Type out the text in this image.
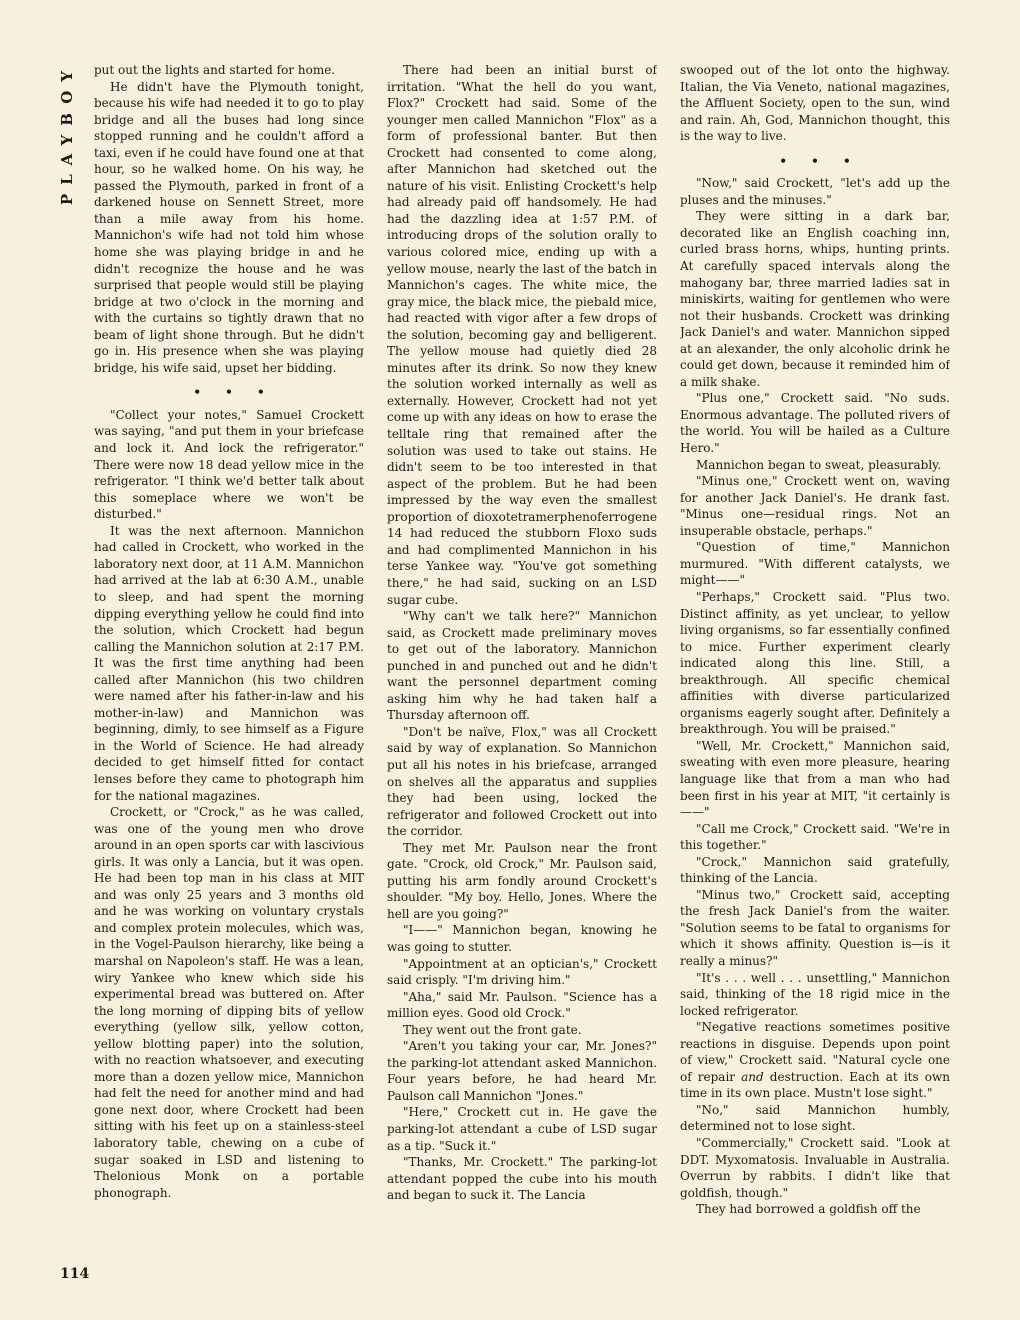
PLAYBOY put out the lights and started for home.

He didn't have the Plymouth tonight, because his wife had needed it to go to play bridge and all the buses had long since stopped running and he couldn't afford a taxi, even if he could have found one at that hour, so he walked home. On his way, he passed the Plymouth, parked in front of a darkened house on Sennett Street, more than a mile away from his home. Mannichon's wife had not told him whose home she was playing bridge in and he didn't recognize the house and he was surprised that people would still be playing bridge at two o'clock in the morning and with the curtains so tightly drawn that no beam of light shone through. But he didn't go in. His presence when she was playing bridge, his wife said, upset her bidding.

• • •

"Collect your notes," Samuel Crockett was saying, "and put them in your briefcase and lock it. And lock the refrigerator." There were now 18 dead yellow mice in the refrigerator. "I think we'd better talk about this someplace where we won't be disturbed."

It was the next afternoon. Mannichon had called in Crockett, who worked in the laboratory next door, at 11 A.M. Mannichon had arrived at the lab at 6:30 A.M., unable to sleep, and had spent the morning dipping everything yellow he could find into the solution, which Crockett had begun calling the Mannichon solution at 2:17 P.M. It was the first time anything had been called after Mannichon (his two children were named after his father-in-law and his mother-in-law) and Mannichon was beginning, dimly, to see himself as a Figure in the World of Science. He had already decided to get himself fitted for contact lenses before they came to photograph him for the national magazines.

Crockett, or "Crock," as he was called, was one of the young men who drove around in an open sports car with lascivious girls. It was only a Lancia, but it was open. He had been top man in his class at MIT and was only 25 years and 3 months old and he was working on voluntary crystals and complex protein molecules, which was, in the Vogel-Paulson hierarchy, like being a marshal on Napoleon's staff. He was a lean, wiry Yankee who knew which side his experimental bread was buttered on. After the long morning of dipping bits of yellow everything (yellow silk, yellow cotton, yellow blotting paper) into the solution, with no reaction whatsoever, and executing more than a dozen yellow mice, Mannichon had felt the need for another mind and had gone next door, where Crockett had been sitting with his feet up on a stainless-steel laboratory table, chewing on a cube of sugar soaked in LSD and listening to Thelonious Monk on a portable phonograph.

There had been an initial burst of irritation. "What the hell do you want, Flox?" Crockett had said. Some of the younger men called Mannichon "Flox" as a form of professional banter. But then Crockett had consented to come along, after Mannichon had sketched out the nature of his visit. Enlisting Crockett's help had already paid off handsomely. He had had the dazzling idea at 1:57 P.M. of introducing drops of the solution orally to various colored mice, ending up with a yellow mouse, nearly the last of the batch in Mannichon's cages. The white mice, the gray mice, the black mice, the piebald mice, had reacted with vigor after a few drops of the solution, becoming gay and belligerent. The yellow mouse had quietly died 28 minutes after its drink. So now they knew the solution worked internally as well as externally. However, Crockett had not yet come up with any ideas on how to erase the telltale ring that remained after the solution was used to take out stains. He didn't seem to be too interested in that aspect of the problem. But he had been impressed by the way even the smallest proportion of dioxotetramerphenoferrogene 14 had reduced the stubborn Floxo suds and had complimented Mannichon in his terse Yankee way. "You've got something there," he had said, sucking on an LSD sugar cube.

"Why can't we talk here?" Mannichon said, as Crockett made preliminary moves to get out of the laboratory. Mannichon punched in and punched out and he didn't want the personnel department coming asking him why he had taken half a Thursday afternoon off.

"Don't be naïve, Flox," was all Crockett said by way of explanation. So Mannichon put all his notes in his briefcase, arranged on shelves all the apparatus and supplies they had been using, locked the refrigerator and followed Crockett out into the corridor.

They met Mr. Paulson near the front gate. "Crock, old Crock," Mr. Paulson said, putting his arm fondly around Crockett's shoulder. "My boy. Hello, Jones. Where the hell are you going?"

"I——" Mannichon began, knowing he was going to stutter.

"Appointment at an optician's," Crockett said crisply. "I'm driving him."

"Aha," said Mr. Paulson. "Science has a million eyes. Good old Crock."

They went out the front gate.

"Aren't you taking your car, Mr. Jones?" the parking-lot attendant asked Mannichon. Four years before, he had heard Mr. Paulson call Mannichon "Jones."

"Here," Crockett cut in. He gave the parking-lot attendant a cube of LSD sugar as a tip. "Suck it."

"Thanks, Mr. Crockett." The parking-lot attendant popped the cube into his mouth and began to suck it. The Lancia

swooped out of the lot onto the highway. Italian, the Via Veneto, national magazines, the Affluent Society, open to the sun, wind and rain. Ah, God, Mannichon thought, this is the way to live.

• • •

"Now," said Crockett, "let's add up the pluses and the minuses."

They were sitting in a dark bar, decorated like an English coaching inn, curled brass horns, whips, hunting prints. At carefully spaced intervals along the mahogany bar, three married ladies sat in miniskirts, waiting for gentlemen who were not their husbands. Crockett was drinking Jack Daniel's and water. Mannichon sipped at an alexander, the only alcoholic drink he could get down, because it reminded him of a milk shake.

"Plus one," Crockett said. "No suds. Enormous advantage. The polluted rivers of the world. You will be hailed as a Culture Hero."

Mannichon began to sweat, pleasurably.

"Minus one," Crockett went on, waving for another Jack Daniel's. He drank fast. "Minus one—residual rings. Not an insuperable obstacle, perhaps."

"Question of time," Mannichon murmured. "With different catalysts, we might——"

"Perhaps," Crockett said. "Plus two. Distinct affinity, as yet unclear, to yellow living organisms, so far essentially confined to mice. Further experiment clearly indicated along this line. Still, a breakthrough. All specific chemical affinities with diverse particularized organisms eagerly sought after. Definitely a breakthrough. You will be praised."

"Well, Mr. Crockett," Mannichon said, sweating with even more pleasure, hearing language like that from a man who had been first in his year at MIT, "it certainly is——"

"Call me Crock," Crockett said. "We're in this together."

"Crock," Mannichon said gratefully, thinking of the Lancia.

"Minus two," Crockett said, accepting the fresh Jack Daniel's from the waiter. "Solution seems to be fatal to organisms for which it shows affinity. Question is—is it really a minus?"

"It's . . . well . . . unsettling," Mannichon said, thinking of the 18 rigid mice in the locked refrigerator.

"Negative reactions sometimes positive reactions in disguise. Depends upon point of view," Crockett said. "Natural cycle one of repair and destruction. Each at its own time in its own place. Mustn't lose sight."

"No," said Mannichon humbly, determined not to lose sight.

"Commercially," Crockett said. "Look at DDT. Myxomatosis. Invaluable in Australia. Overrun by rabbits. I didn't like that goldfish, though."

They had borrowed a goldfish off the

114
